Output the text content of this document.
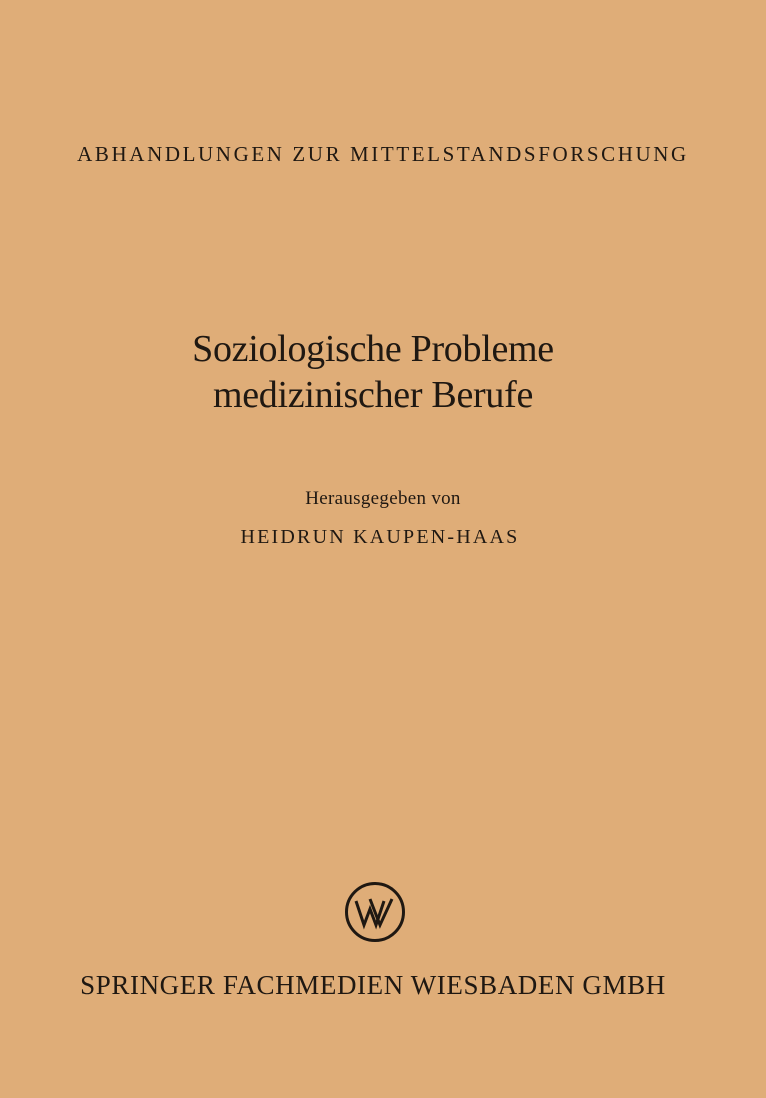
ABHANDLUNGEN ZUR MITTELSTANDSFORSCHUNG
Soziologische Probleme
medizinischer Berufe
Herausgegeben von
HEIDRUN KAUPEN-HAAS
SPRINGER FACHMEDIEN WIESBADEN GMBH
